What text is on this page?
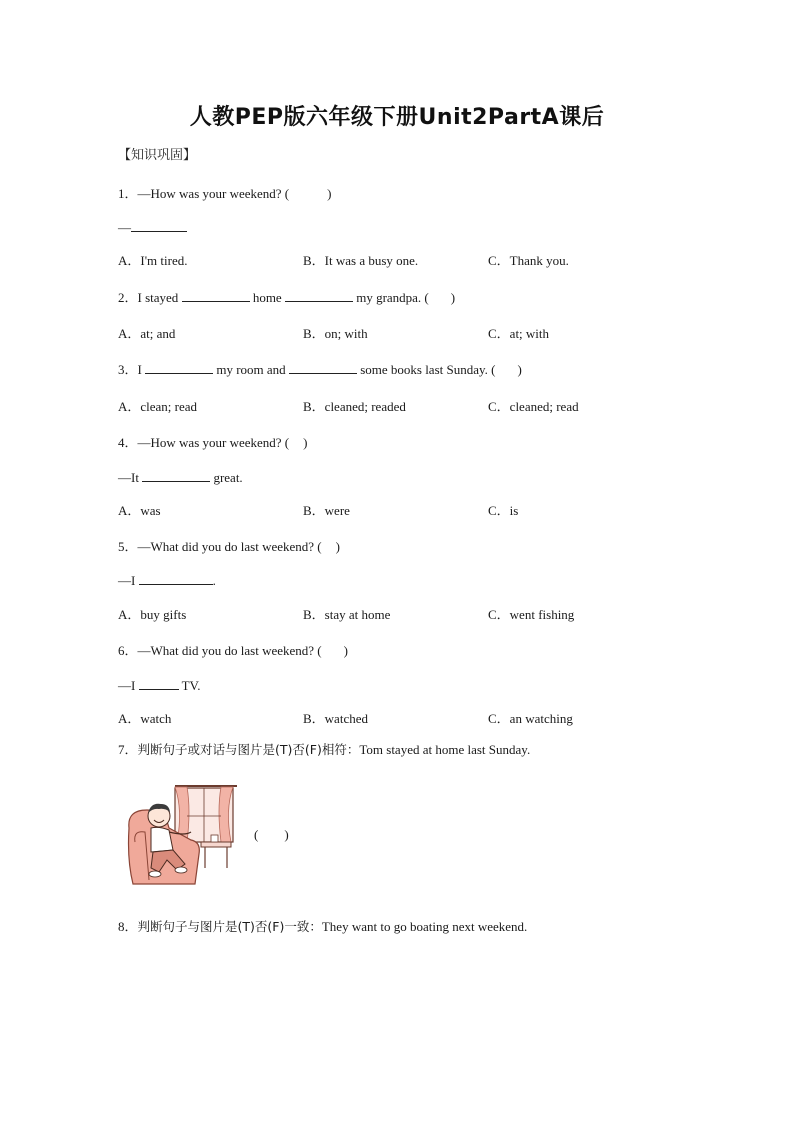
人教PEP版六年级下册Unit2PartA课后
【知识巩固】
1．—How was your weekend? (	)
—
A．I'm tired.	B．It was a busy one.	C．Thank you.
2．I stayed	home	my grandpa. ( )
A．at; and	B．on; with	C．at; with
3．I	my room and	some books last Sunday. ( )
A．clean; read	B．cleaned; readed	C．cleaned; read
4．—How was your weekend? ( )
—It	great.
A．was	B．were	C．is
5．—What did you do last weekend? ( )
—I	.
A．buy gifts	B．stay at home	C．went fishing
6．—What did you do last weekend? ( )
—I	TV.
A．watch	B．watched	C．an watching
7．判断句子或对话与图片是(T)否(F)相符：Tom stayed at home last Sunday.
( )
8．判断句子与图片是(T)否(F)一致：They want to go boating next weekend.
